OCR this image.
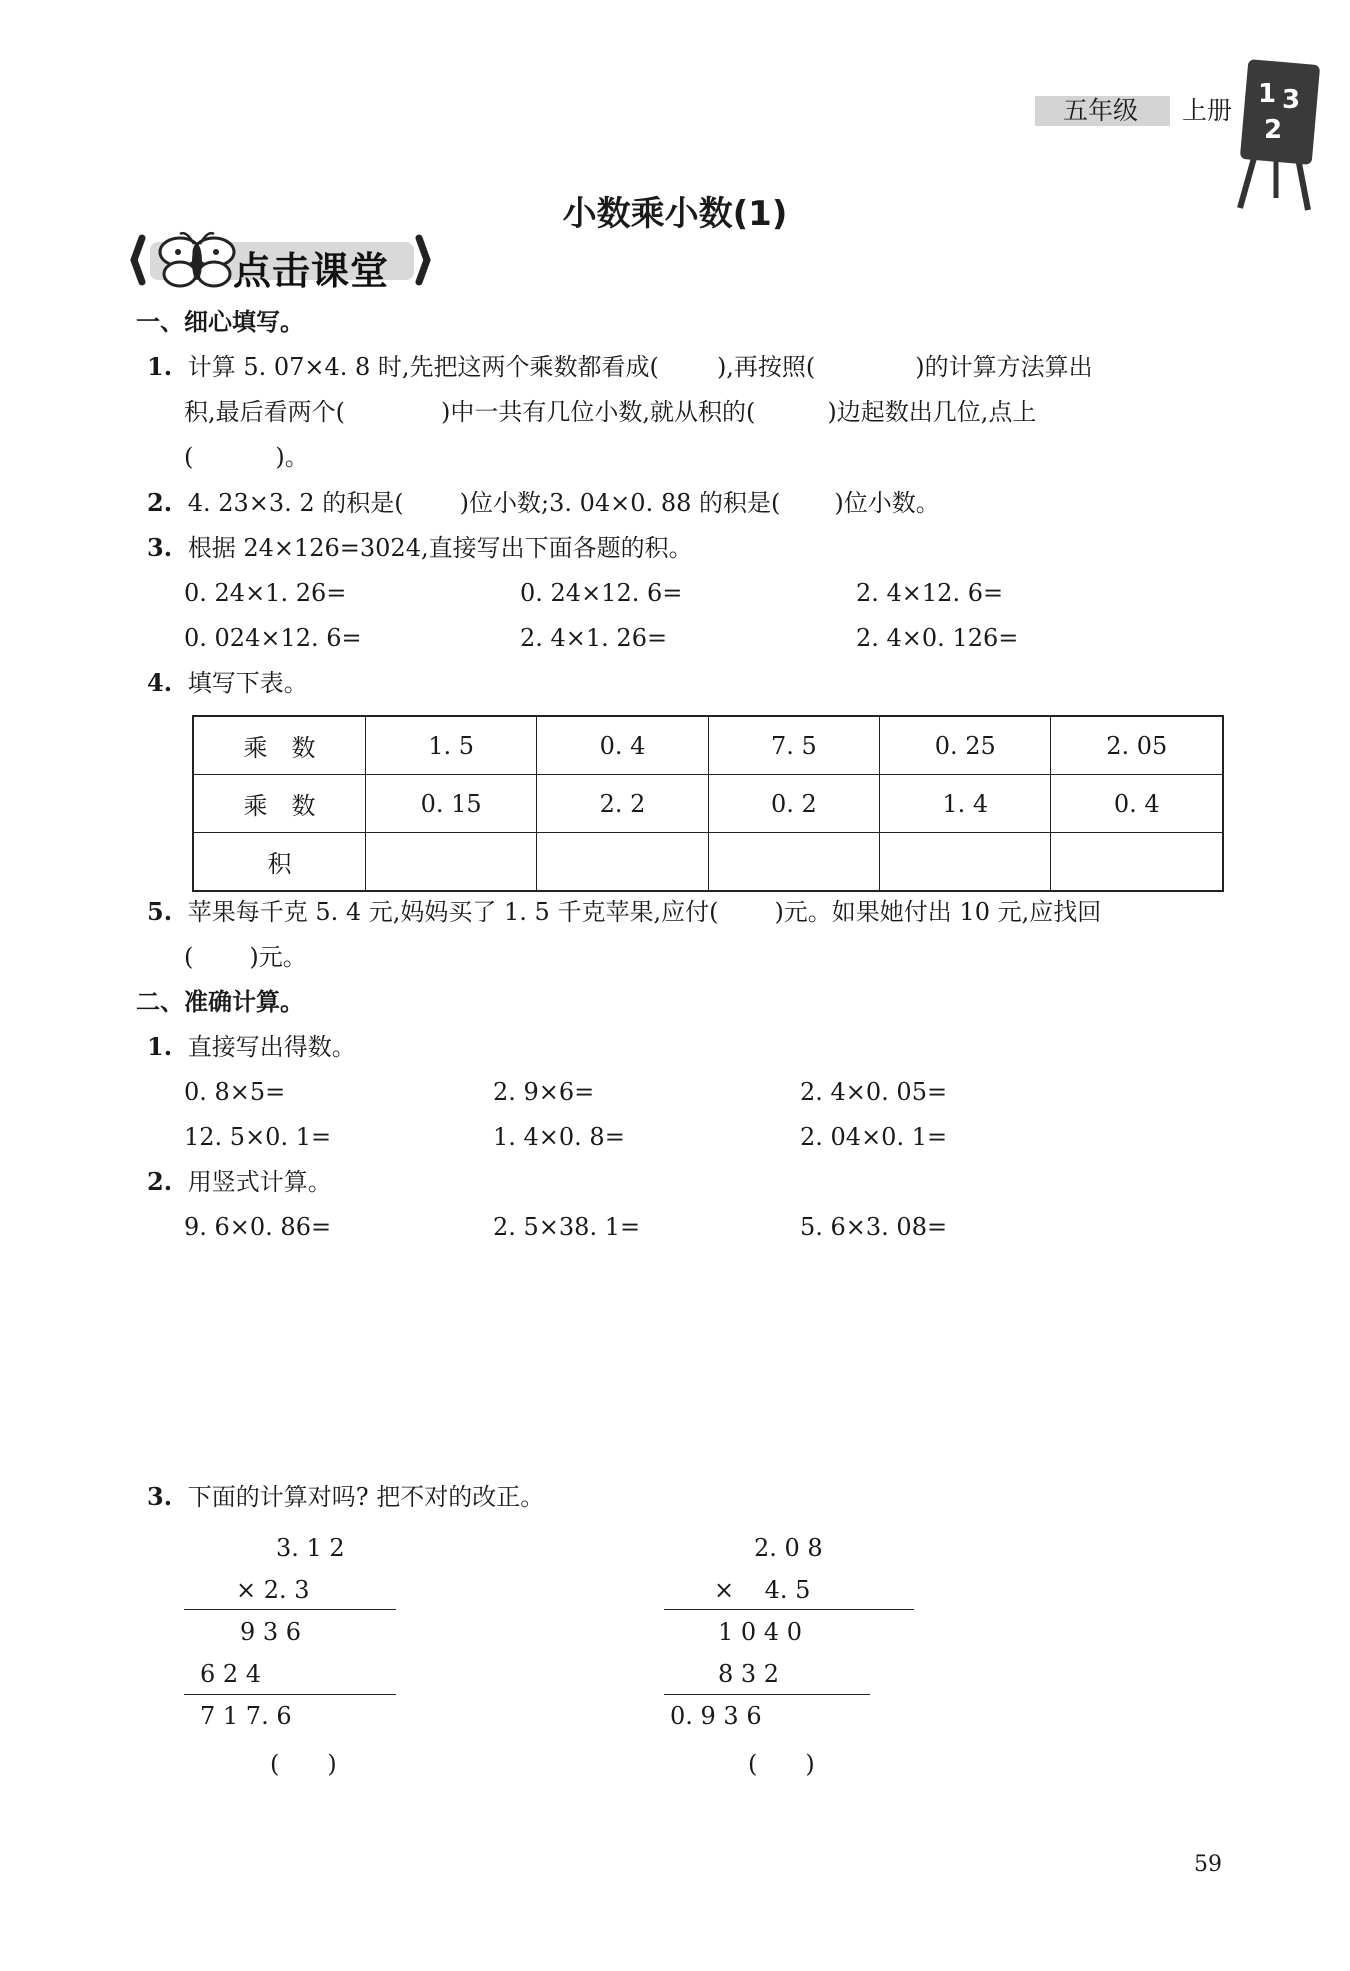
五年级 上册
1 3
2
小数乘小数(1)
点击课堂
一、细心填写。
1. 计算 5. 07×4. 8 时,先把这两个乘数都看成( ),再按照(	)的计算方法算出
积,最后看两个(	)中一共有几位小数,就从积的(	)边起数出几位,点上
(	)。
2. 4. 23×3. 2 的积是( )位小数;3. 04×0. 88 的积是( )位小数。
3. 根据 24×126=3024,直接写出下面各题的积。
0. 24×1. 26=	0. 24×12. 6=	2. 4×12. 6=
0. 024×12. 6=	2. 4×1. 26=	2. 4×0. 126=
4. 填写下表。
乘　数	1. 5	0. 4	7. 5	0. 25	2. 05
乘　数	0. 15	2. 2	0. 2	1. 4	0. 4
积					
5. 苹果每千克 5. 4 元,妈妈买了 1. 5 千克苹果,应付( )元。如果她付出 10 元,应找回
( )元。
二、准确计算。
1. 直接写出得数。
0. 8×5=	2. 9×6=	2. 4×0. 05=
12. 5×0. 1=	1. 4×0. 8=	2. 04×0. 1=
2. 用竖式计算。
9. 6×0. 86=	2. 5×38. 1=	5. 6×3. 08=
3. 下面的计算对吗? 把不对的改正。
3. 1 2
× 2. 3
9 3 6
6 2 4
7 1 7. 6
(　　)
2. 0 8
×    4. 5
1 0 4 0
8 3 2
0. 9 3 6
(　　)
59
